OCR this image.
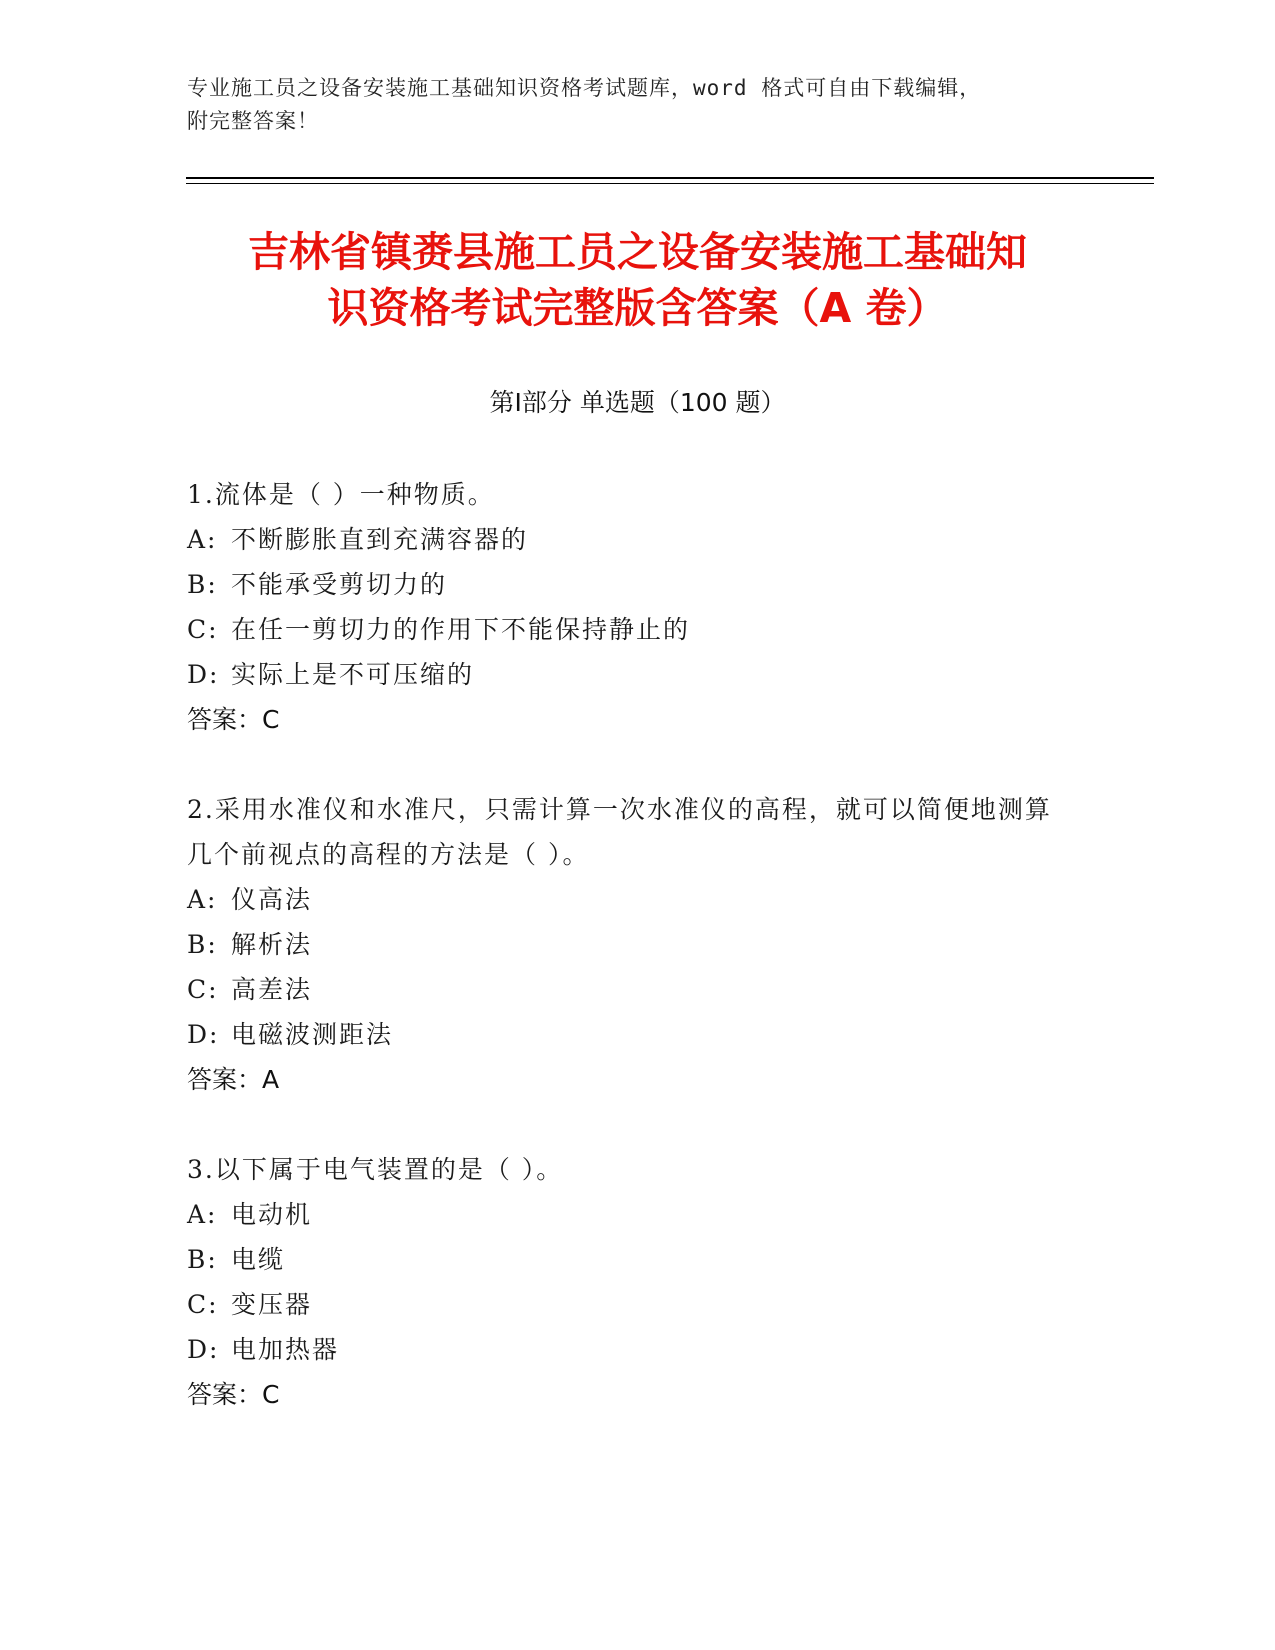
专业施工员之设备安装施工基础知识资格考试题库，word 格式可自由下载编辑，
附完整答案！
吉林省镇赉县施工员之设备安装施工基础知
识资格考试完整版含答案（A 卷）
第Ⅰ部分 单选题（100 题）

1.流体是（ ）一种物质。

A: 不断膨胀直到充满容器的

B: 不能承受剪切力的

C: 在任一剪切力的作用下不能保持静止的

D: 实际上是不可压缩的

答案：C

2.采用水准仪和水准尺，只需计算一次水准仪的高程，就可以简便地测算几个前视点的高程的方法是（ ）。

A: 仪高法

B: 解析法

C: 高差法

D: 电磁波测距法

答案：A

3.以下属于电气装置的是（ ）。

A: 电动机

B: 电缆

C: 变压器

D: 电加热器

答案：C
